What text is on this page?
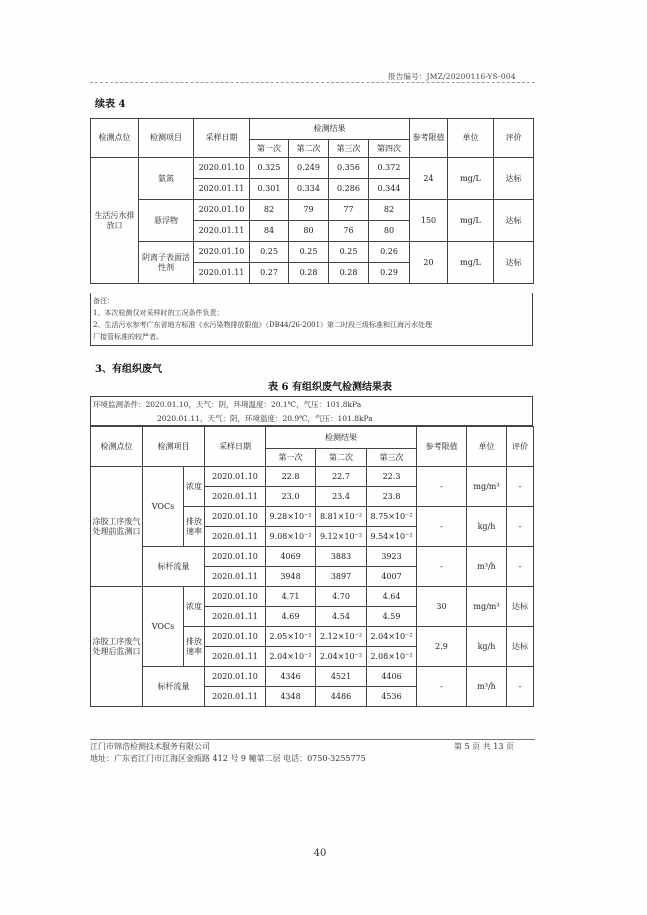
报告编号：JMZ/20200116-YS-004
续表 4
检测点位	检测项目	采样日期	检测结果				参考限值	单位	评价
			第一次	第二次	第三次	第四次			
生活污水排放口	氨氮	2020.01.10	0.325	0.249	0.356	0.372	24	mg/L	达标
		2020.01.11	0.301	0.334	0.286	0.344			
	悬浮物	2020.01.10	82	79	77	82	150	mg/L	达标
		2020.01.11	84	80	76	80			
	阴离子表面活性剂	2020.01.10	0.25	0.25	0.25	0.26	20	mg/L	达标
		2020.01.11	0.27	0.28	0.28	0.29			
备注：
1、本次检测仅对采样时的工况条件负责；
2、生活污水参考广东省地方标准《水污染物排放限值》（DB44/26-2001）第二时段三级标准和江海污水处理
厂接管标准的较严者。
3、有组织废气
表 6 有组织废气检测结果表
环境监测条件：2020.01.10，天气：阴，环境温度：20.1℃，气压：101.8kPa
2020.01.11，天气：阴，环境温度：20.9℃，气压：101.8kPa
检测点位	检测项目		采样日期	检测结果			参考限值	单位	评价
				第一次	第二次	第三次			
涂胶工序废气处理前监测口	VOCs	浓度	2020.01.10	22.8	22.7	22.3	-	mg/m³	-
			2020.01.11	23.0	23.4	23.8			
		排放速率	2020.01.10	9.28×10⁻²	8.81×10⁻²	8.75×10⁻²	-	kg/h	-
			2020.01.11	9.08×10⁻²	9.12×10⁻²	9.54×10⁻²			
	标杆流量		2020.01.10	4069	3883	3923	-	m³/h	-
			2020.01.11	3948	3897	4007			
涂胶工序废气处理后监测口	VOCs	浓度	2020.01.10	4.71	4.70	4.64	30	mg/m³	达标
			2020.01.11	4.69	4.54	4.59			
		排放速率	2020.01.10	2.05×10⁻²	2.12×10⁻²	2.04×10⁻²	2.9	kg/h	达标
			2020.01.11	2.04×10⁻²	2.04×10⁻²	2.08×10⁻²			
	标杆流量		2020.01.10	4346	4521	4406	-	m³/h	-
			2020.01.11	4348	4486	4536			
江门市锦浩检测技术服务有限公司	第 5 页 共 13 页
地址：广东省江门市江海区金瓯路 412 号 9 幢第二层 电话：0750-3255775
40
